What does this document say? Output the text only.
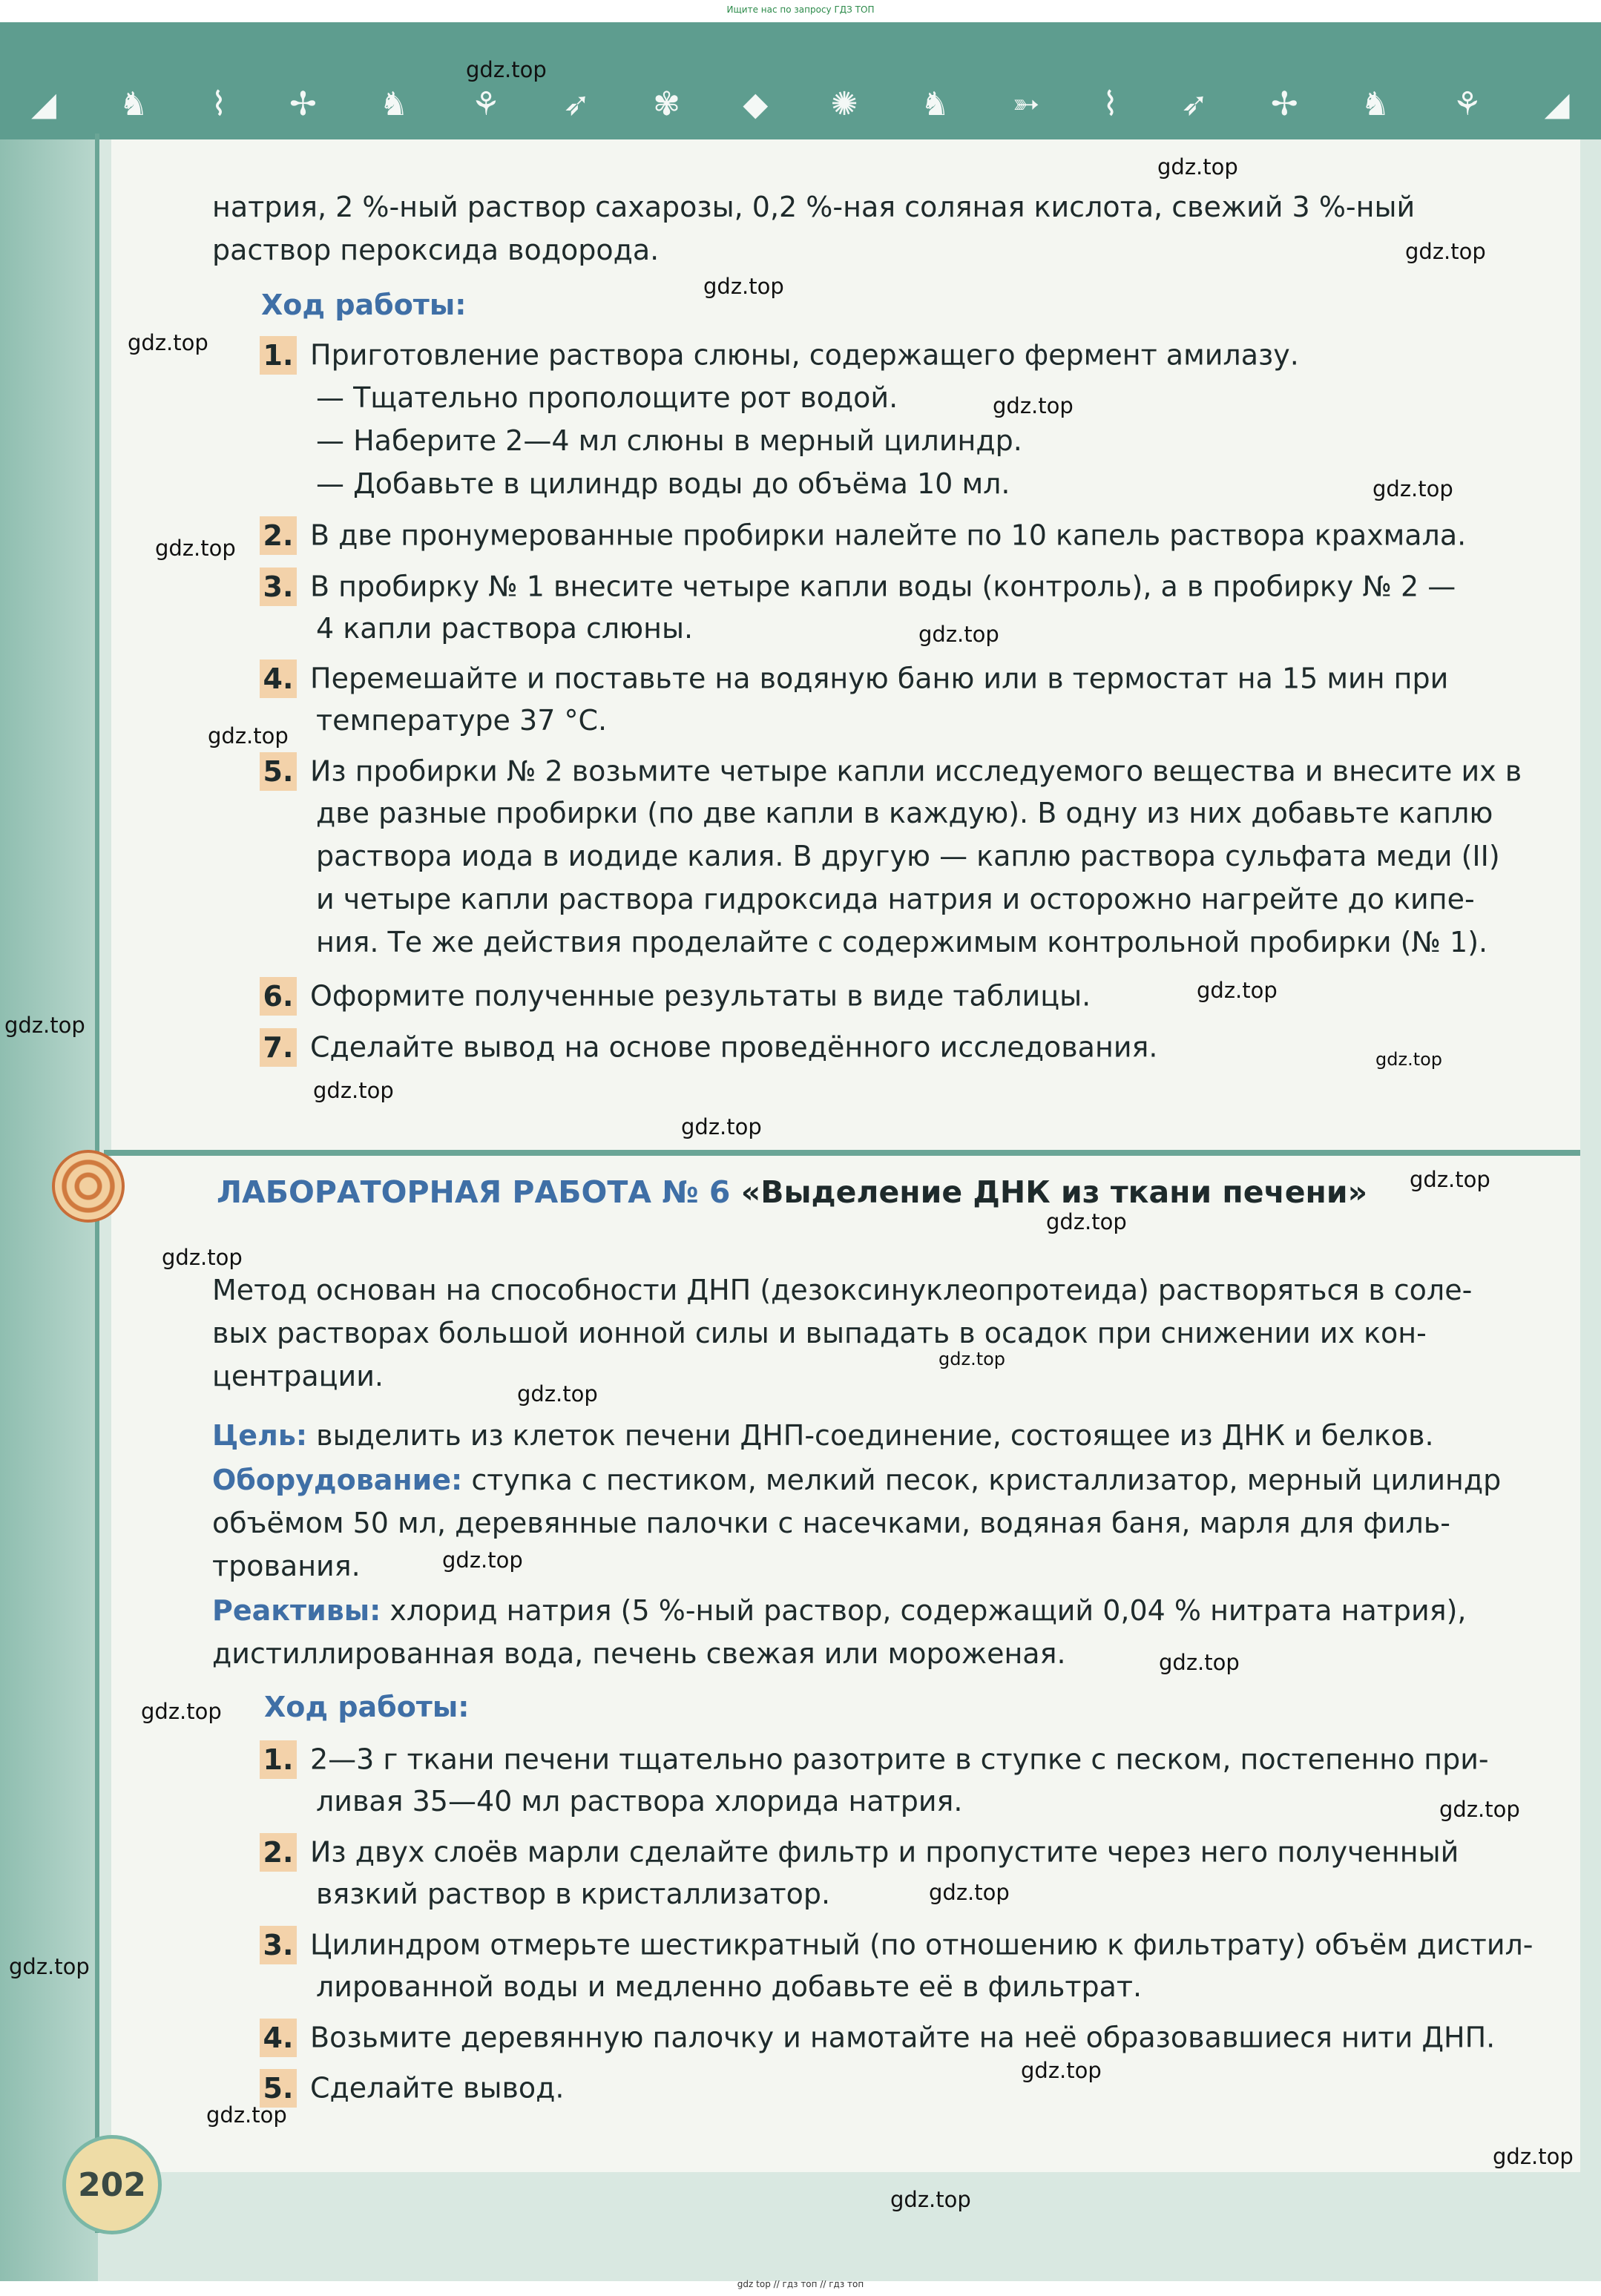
Ищите нас по запросу ГДЗ ТОП
◢ ♞ ⌇ ✢ ♞ ⚘ ➶ ✾ ◆ ✺ ♞ ➳ ⌇ ➶ ✢ ♞ ⚘ ◢
202
натрия, 2 %-ный раствор сахарозы, 0,2 %-ная соляная кислота, свежий 3 %-ный
раствор пероксида водорода.
Ход работы:
1. Приготовление раствора слюны, содержащего фермент амилазу.
— Тщательно прополощите рот водой.
— Наберите 2—4 мл слюны в мерный цилиндр.
— Добавьте в цилиндр воды до объёма 10 мл.
2. В две пронумерованные пробирки налейте по 10 капель раствора крахмала.
3. В пробирку № 1 внесите четыре капли воды (контроль), а в пробирку № 2 —
4 капли раствора слюны.
4. Перемешайте и поставьте на водяную баню или в термостат на 15 мин при
температуре 37 °С.
5. Из пробирки № 2 возьмите четыре капли исследуемого вещества и внесите их в
две разные пробирки (по две капли в каждую). В одну из них добавьте каплю
раствора иода в иодиде калия. В другую — каплю раствора сульфата меди (II)
и четыре капли раствора гидроксида натрия и осторожно нагрейте до кипе-
ния. Те же действия проделайте с содержимым контрольной пробирки (№ 1).
6. Оформите полученные результаты в виде таблицы.
7. Сделайте вывод на основе проведённого исследования.
ЛАБОРАТОРНАЯ РАБОТА № 6 «Выделение ДНК из ткани печени»
Метод основан на способности ДНП (дезоксинуклеопротеида) растворяться в соле-
вых растворах большой ионной силы и выпадать в осадок при снижении их кон-
центрации.
Цель: выделить из клеток печени ДНП-соединение, состоящее из ДНК и белков.
Оборудование: ступка с пестиком, мелкий песок, кристаллизатор, мерный цилиндр
объёмом 50 мл, деревянные палочки с насечками, водяная баня, марля для филь-
трования.
Реактивы: хлорид натрия (5 %-ный раствор, содержащий 0,04 % нитрата натрия),
дистиллированная вода, печень свежая или мороженая.
Ход работы:
1. 2—3 г ткани печени тщательно разотрите в ступке с песком, постепенно при-
ливая 35—40 мл раствора хлорида натрия.
2. Из двух слоёв марли сделайте фильтр и пропустите через него полученный
вязкий раствор в кристаллизатор.
3. Цилиндром отмерьте шестикратный (по отношению к фильтрату) объём дистил-
лированной воды и медленно добавьте её в фильтрат.
4. Возьмите деревянную палочку и намотайте на неё образовавшиеся нити ДНП.
5. Сделайте вывод.
gdz.top
gdz.top
gdz.top
gdz.top
gdz.top
gdz.top
gdz.top
gdz.top
gdz.top
gdz.top
gdz.top
gdz.top
gdz.top
gdz.top
gdz.top
gdz.top
gdz.top
gdz.top
gdz.top
gdz.top
gdz.top
gdz.top
gdz.top
gdz.top
gdz.top
gdz.top
gdz.top
gdz.top
gdz.top
gdz.top
gdz top // гдз топ // гдз топ
